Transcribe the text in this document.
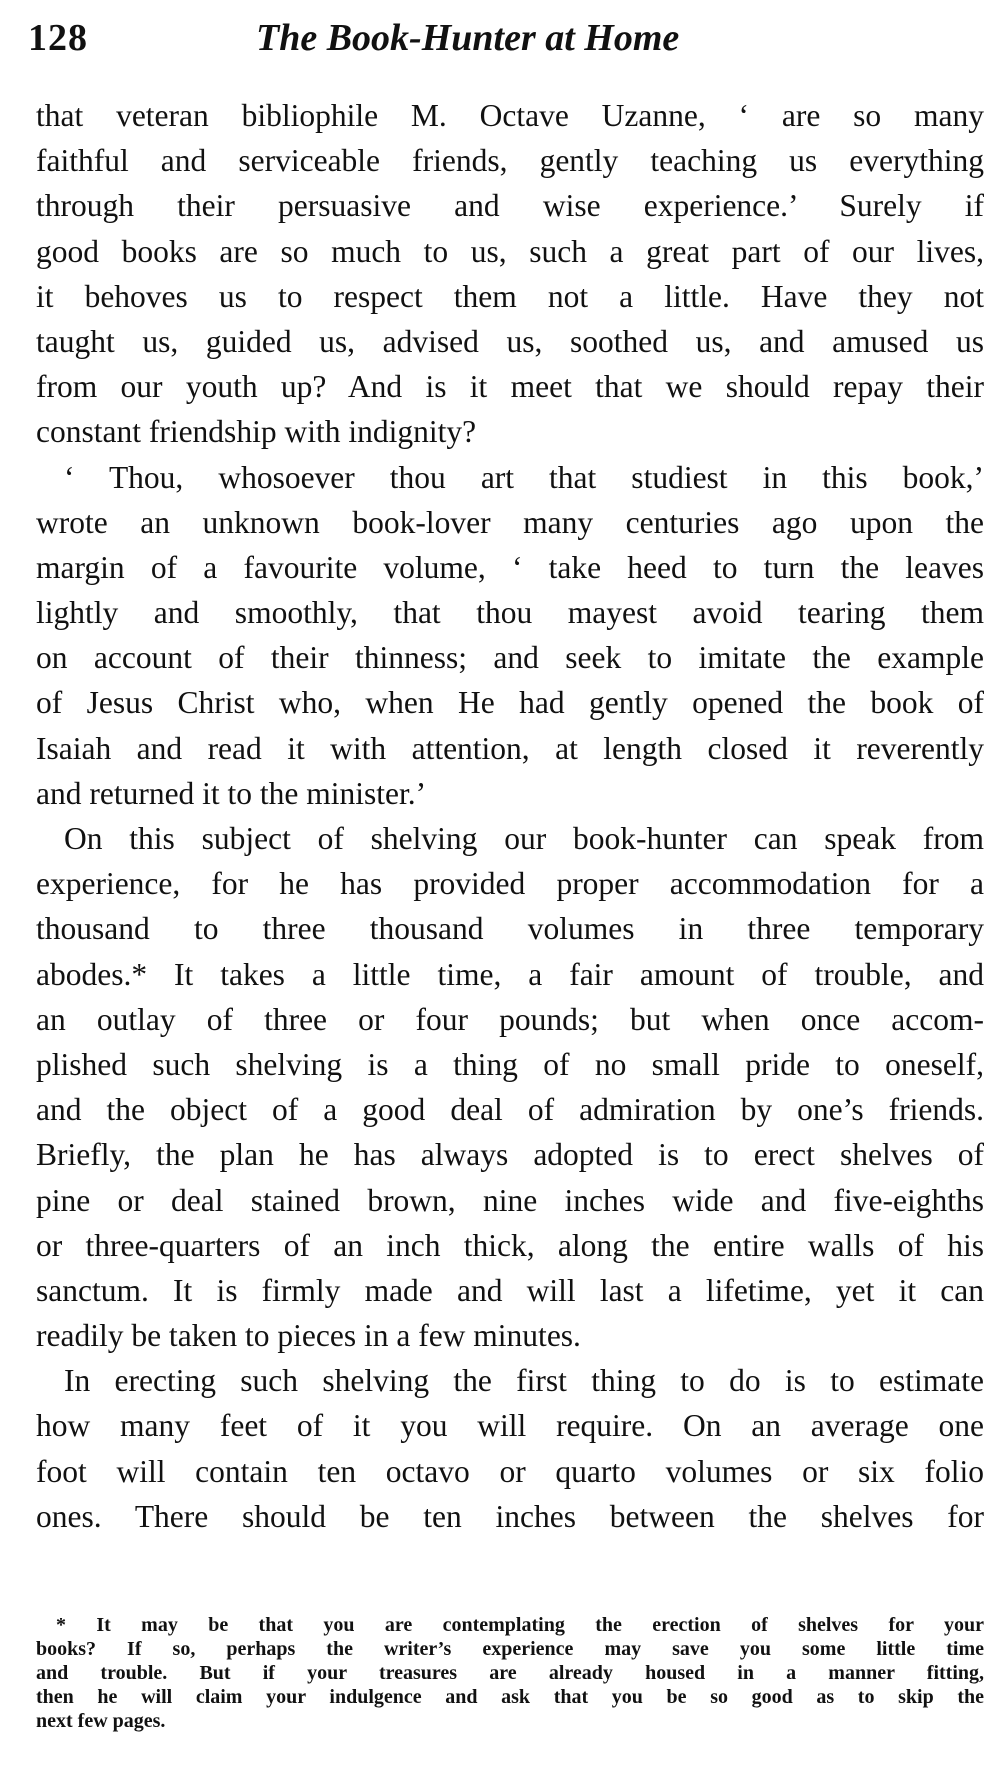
128	The Book-Hunter at Home
that veteran bibliophile M. Octave Uzanne, ‘ are so many
faithful and serviceable friends, gently teaching us everything
through their persuasive and wise experience.’ Surely if
good books are so much to us, such a great part of our lives,
it behoves us to respect them not a little. Have they not
taught us, guided us, advised us, soothed us, and amused us
from our youth up? And is it meet that we should repay their
constant friendship with indignity?
‘ Thou, whosoever thou art that studiest in this book,’
wrote an unknown book-lover many centuries ago upon the
margin of a favourite volume, ‘ take heed to turn the leaves
lightly and smoothly, that thou mayest avoid tearing them
on account of their thinness; and seek to imitate the example
of Jesus Christ who, when He had gently opened the book of
Isaiah and read it with attention, at length closed it reverently
and returned it to the minister.’
On this subject of shelving our book-hunter can speak from
experience, for he has provided proper accommodation for a
thousand to three thousand volumes in three temporary
abodes.* It takes a little time, a fair amount of trouble, and
an outlay of three or four pounds; but when once accom-
plished such shelving is a thing of no small pride to oneself,
and the object of a good deal of admiration by one’s friends.
Briefly, the plan he has always adopted is to erect shelves of
pine or deal stained brown, nine inches wide and five-eighths
or three-quarters of an inch thick, along the entire walls of his
sanctum. It is firmly made and will last a lifetime, yet it can
readily be taken to pieces in a few minutes.
In erecting such shelving the first thing to do is to estimate
how many feet of it you will require. On an average one
foot will contain ten octavo or quarto volumes or six folio
ones. There should be ten inches between the shelves for
* It may be that you are contemplating the erection of shelves for your
books? If so, perhaps the writer’s experience may save you some little time
and trouble. But if your treasures are already housed in a manner fitting,
then he will claim your indulgence and ask that you be so good as to skip the
next few pages.
